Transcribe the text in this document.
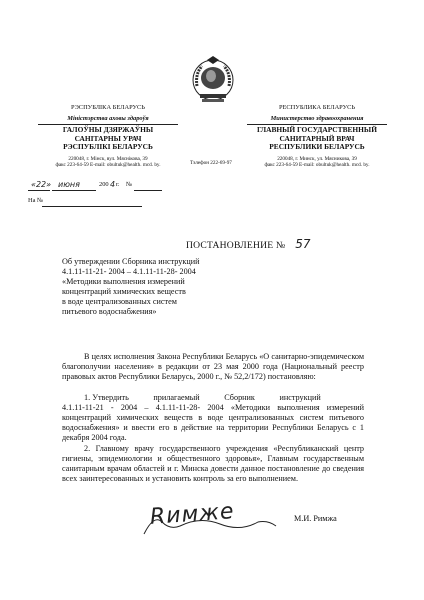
РЭСПУБЛІКА БЕЛАРУСЬ
Міністэрства аховы здароўя
ГАЛОЎНЫ ДЗЯРЖАЎНЫ
САНІТАРНЫ УРАЧ
РЭСПУБЛІКІ БЕЛАРУСЬ
220048, г. Мінск, вул. Мяснікова, 39
факс 223-64-59 E-mail: obultuk@health. mcd. by.	Тэлефон 222-69-97
РЕСПУБЛИКА БЕЛАРУСЬ
Министерство здравоохранения
ГЛАВНЫЙ ГОСУДАРСТВЕННЫЙ
САНИТАРНЫЙ ВРАЧ
РЕСПУБЛИКИ БЕЛАРУСЬ
220048, г. Минск, ул. Мясникова, 39
факс 223-64-59 E-mail: obultuk@health. mcd. by.
«22» июня	200 4 г. №
На №
ПОСТАНОВЛЕНИЕ № 57
Об утверждении Сборника инструкций
4.1.11-11-21- 2004 – 4.1.11-11-28- 2004
«Методики выполнения измерений
концентраций химических веществ
в воде централизованных систем
питьевого водоснабжения»
В целях исполнения Закона Республики Беларусь «О санитарно-эпидемическом благополучии населения» в редакции от 23 мая 2000 года (Национальный реестр правовых актов Республики Беларусь, 2000 г., № 52,2/172) постановляю:
1. Утвердить            прилагаемый            Сборник            инструкций
4.1.11-11-21 - 2004 – 4.1.11-11-28- 2004 «Методики выполнения измерений концентраций химических веществ в воде централизованных систем питьевого водоснабжения» и ввести его в действие на территории Республики Беларусь с 1 декабря 2004 года.
2. Главному врачу государственного учреждения «Республиканский центр гигиены, эпидемиологии и общественного здоровья», Главным государственным санитарным врачам областей и г. Минска довести данное постановление до сведения всех заинтересованных и установить контроль за его выполнением.
Rимже	М.И. Римжа
